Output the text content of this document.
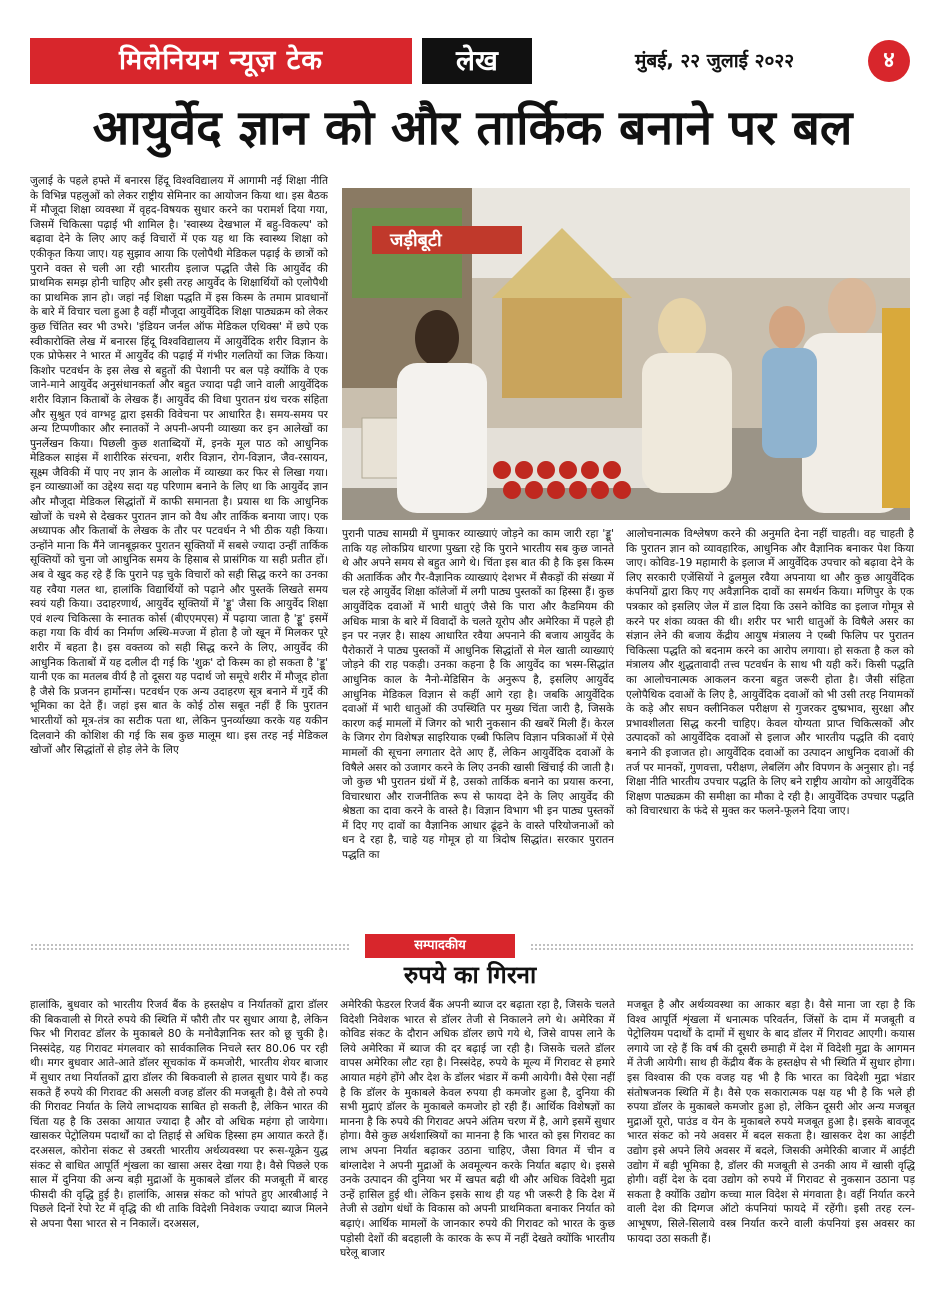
मिलेनियम न्यूज़ टेक	लेख	मुंबई, २२ जुलाई २०२२	४
आयुर्वेद ज्ञान को और तार्किक बनाने पर बल

जुलाई के पहले हफ्ते में बनारस हिंदू विश्वविद्यालय में आगामी नई शिक्षा नीति के विभिन्न पहलुओं को लेकर राष्ट्रीय सेमिनार का आयोजन किया था। इस बैठक में मौजूदा शिक्षा व्यवस्था में वृहद-विषयक सुधार करने का परामर्श दिया गया, जिसमें चिकित्सा पढ़ाई भी शामिल है। 'स्वास्थ्य देखभाल में बहु-विकल्प' को बढ़ावा देने के लिए आए कई विचारों में एक यह था कि स्वास्थ्य शिक्षा को एकीकृत किया जाए। यह सुझाव आया कि एलोपैथी मेडिकल पढ़ाई के छात्रों को पुराने वक्त से चली आ रही भारतीय इलाज पद्धति जैसे कि आयुर्वेद की प्राथमिक समझ होनी चाहिए और इसी तरह आयुर्वेद के शिक्षार्थियों को एलोपैथी का प्राथमिक ज्ञान हो। जहां नई शिक्षा पद्धति में इस किस्म के तमाम प्रावधानों के बारे में विचार चला हुआ है वहीं मौजूदा आयुर्वेदिक शिक्षा पाठ्यक्रम को लेकर कुछ चिंतित स्वर भी उभरे। 'इंडियन जर्नल ऑफ मेडिकल एथिक्स' में छपे एक स्वीकारोक्ति लेख में बनारस हिंदू विश्वविद्यालय में आयुर्वेदिक शरीर विज्ञान के एक प्रोफेसर ने भारत में आयुर्वेद की पढ़ाई में गंभीर गलतियों का जिक्र किया। किशोर पटवर्धन के इस लेख से बहुतों की पेशानी पर बल पड़े क्योंकि वे एक जाने-माने आयुर्वेद अनुसंधानकर्ता और बहुत ज्यादा पढ़ी जाने वाली आयुर्वेदिक शरीर विज्ञान किताबों के लेखक हैं। आयुर्वेद की विधा पुरातन ग्रंथ चरक संहिता और सुश्रुत एवं वाग्भट्ट द्वारा इसकी विवेचना पर आधारित है। समय-समय पर अन्य टिप्पणीकार और स्नातकों ने अपनी-अपनी व्याख्या कर इन आलेखों का पुनर्लेखन किया। पिछली कुछ शताब्दियों में, इनके मूल पाठ को आधुनिक मेडिकल साइंस में शारीरिक संरचना, शरीर विज्ञान, रोग-विज्ञान, जैव-रसायन, सूक्ष्म जैविकी में पाए नए ज्ञान के आलोक में व्याख्या कर फिर से लिखा गया। इन व्याख्याओं का उद्देश्य सदा यह परिणाम बनाने के लिए था कि आयुर्वेद ज्ञान और मौजूदा मेडिकल सिद्धांतों में काफी समानता है। प्रयास था कि आधुनिक खोजों के चश्मे से देखकर पुरातन ज्ञान को वैध और तार्किक बनाया जाए। एक अध्यापक और किताबों के लेखक के तौर पर पटवर्धन ने भी ठीक यही किया। उन्होंने माना कि मैंने जानबूझकर पुरातन सूक्तियों में सबसे ज्यादा उन्हीं तार्किक सूक्तियों को चुना जो आधुनिक समय के हिसाब से प्रासंगिक या सही प्रतीत हों। अब वे खुद कह रहे हैं कि पुराने पड़ चुके विचारों को सही सिद्ध करने का उनका यह रवैया गलत था, हालांकि विद्यार्थियों को पढ़ाने और पुस्तकें लिखते समय स्वयं यही किया। उदाहरणार्थ, आयुर्वेद सूक्तियों में 'ड्डू' जैसा कि आयुर्वेद शिक्षा एवं शल्य चिकित्सा के स्नातक कोर्स (बीएएमएस) में पढ़ाया जाता है 'ड्डू' इसमें कहा गया कि वीर्य का निर्माण अस्थि-मज्जा में होता है जो खून में मिलकर पूरे शरीर में बहता है। इस वक्तव्य को सही सिद्ध करने के लिए, आयुर्वेद की आधुनिक किताबों में यह दलील दी गई कि 'शुक्र' दो किस्म का हो सकता है 'ड्डू' यानी एक का मतलब वीर्य है तो दूसरा यह पदार्थ जो समूचे शरीर में मौजूद होता है जैसे कि प्रजनन हार्मोन्स। पटवर्धन एक अन्य उदाहरण सूत्र बनाने में गुर्दे की भूमिका का देते हैं। जहां इस बात के कोई ठोस सबूत नहीं हैं कि पुरातन भारतीयों को मूत्र-तंत्र का सटीक पता था, लेकिन पुनर्व्याख्या करके यह यकीन दिलवाने की कोशिश की गई कि सब कुछ मालूम था। इस तरह नई मेडिकल खोजों और सिद्धांतों से होड़ लेने के लिए

जड़ीबूटी

पुरानी पाठ्य सामग्री में घुमाकर व्याख्याएं जोड़ने का काम जारी रहा 'ड्डू' ताकि यह लोकप्रिय धारणा पुख्ता रहे कि पुराने भारतीय सब कुछ जानते थे और अपने समय से बहुत आगे थे। चिंता इस बात की है कि इस किस्म की अतार्किक और गैर-वैज्ञानिक व्याख्याएं देशभर में सैकड़ों की संख्या में चल रहे आयुर्वेद शिक्षा कॉलेजों में लगी पाठ्य पुस्तकों का हिस्सा हैं। कुछ आयुर्वेदिक दवाओं में भारी धातुएं जैसे कि पारा और कैडमियम की अधिक मात्रा के बारे में विवादों के चलते यूरोप और अमेरिका में पहले ही इन पर नज़र है। साक्ष्य आधारित रवैया अपनाने की बजाय आयुर्वेद के पैरोकारों ने पाठ्य पुस्तकों में आधुनिक सिद्धांतों से मेल खाती व्याख्याएं जोड़ने की राह पकड़ी। उनका कहना है कि आयुर्वेद का भस्म-सिद्धांत आधुनिक काल के नैनो-मेडिसिन के अनुरूप है, इसलिए आयुर्वेद आधुनिक मेडिकल विज्ञान से कहीं आगे रहा है। जबकि आयुर्वेदिक दवाओं में भारी धातुओं की उपस्थिति पर मुख्य चिंता जारी है, जिसके कारण कई मामलों में जिगर को भारी नुकसान की खबरें मिली हैं। केरल के जिगर रोग विशेषज्ञ साइरियाक एब्बी फिलिप विज्ञान पत्रिकाओं में ऐसे मामलों की सूचना लगातार देते आए हैं, लेकिन आयुर्वेदिक दवाओं के विषैले असर को उजागर करने के लिए उनकी खासी खिंचाई की जाती है। जो कुछ भी पुरातन ग्रंथों में है, उसको तार्किक बनाने का प्रयास करना, विचारधारा और राजनीतिक रूप से फायदा देने के लिए आयुर्वेद की श्रेष्ठता का दावा करने के वास्ते है। विज्ञान विभाग भी इन पाठ्य पुस्तकों में दिए गए दावों का वैज्ञानिक आधार ढूंढ़ने के वास्ते परियोजनाओं को धन दे रहा है, चाहे यह गोमूत्र हो या त्रिदोष सिद्धांत। सरकार पुरातन पद्धति का

आलोचनात्मक विश्लेषण करने की अनुमति देना नहीं चाहती। वह चाहती है कि पुरातन ज्ञान को व्यावहारिक, आधुनिक और वैज्ञानिक बनाकर पेश किया जाए। कोविड-19 महामारी के इलाज में आयुर्वेदिक उपचार को बढ़ावा देने के लिए सरकारी एजेंसियों ने ढुलमुल रवैया अपनाया था और कुछ आयुर्वेदिक कंपनियों द्वारा किए गए अवैज्ञानिक दावों का समर्थन किया। मणिपुर के एक पत्रकार को इसलिए जेल में डाल दिया कि उसने कोविड का इलाज गोमूत्र से करने पर शंका व्यक्त की थी। शरीर पर भारी धातुओं के विषैले असर का संज्ञान लेने की बजाय केंद्रीय आयुष मंत्रालय ने एब्बी फिलिप पर पुरातन चिकित्सा पद्धति को बदनाम करने का आरोप लगाया। हो सकता है कल को मंत्रालय और शुद्धतावादी तत्त्व पटवर्धन के साथ भी यही करें। किसी पद्धति का आलोचनात्मक आकलन करना बहुत जरूरी होता है। जैसी संहिता एलोपैथिक दवाओं के लिए है, आयुर्वेदिक दवाओं को भी उसी तरह नियामकों के कड़े और सघन क्लीनिकल परीक्षण से गुजरकर दुष्प्रभाव, सुरक्षा और प्रभावशीलता सिद्ध करनी चाहिए। केवल योग्यता प्राप्त चिकित्सकों और उत्पादकों को आयुर्वेदिक दवाओं से इलाज और भारतीय पद्धति की दवाएं बनाने की इजाजत हो। आयुर्वेदिक दवाओं का उत्पादन आधुनिक दवाओं की तर्ज पर मानकों, गुणवत्ता, परीक्षण, लेबलिंग और विपणन के अनुसार हो। नई शिक्षा नीति भारतीय उपचार पद्धति के लिए बने राष्ट्रीय आयोग को आयुर्वेदिक शिक्षण पाठ्यक्रम की समीक्षा का मौका दे रही है। आयुर्वेदिक उपचार पद्धति को विचारधारा के फंदे से मुक्त कर फलने-फूलने दिया जाए।

सम्पादकीय
रुपये का गिरना

हालांकि, बुधवार को भारतीय रिजर्व बैंक के हस्तक्षेप व निर्यातकों द्वारा डॉलर की बिकवाली से गिरते रुपये की स्थिति में फौरी तौर पर सुधार आया है, लेकिन फिर भी गिरावट डॉलर के मुकाबले 80 के मनोवैज्ञानिक स्तर को छू चुकी है। निस्संदेह, यह गिरावट मंगलवार को सार्वकालिक निचले स्तर 80.06 पर रही थी। मगर बुधवार आते-आते डॉलर सूचकांक में कमजोरी, भारतीय शेयर बाजार में सुधार तथा निर्यातकों द्वारा डॉलर की बिकवाली से हालत सुधार पाये हैं। कह सकते हैं रुपये की गिरावट की असली वजह डॉलर की मजबूती है। वैसे तो रुपये की गिरावट निर्यात के लिये लाभदायक साबित हो सकती है, लेकिन भारत की चिंता यह है कि उसका आयात ज्यादा है और वो अधिक महंगा हो जायेगा। खासकर पेट्रोलियम पदार्थों का दो तिहाई से अधिक हिस्सा हम आयात करते हैं। दरअसल, कोरोना संकट से उबरती भारतीय अर्थव्यवस्था पर रूस-यूक्रेन युद्ध संकट से बाधित आपूर्ति शृंखला का खासा असर देखा गया है। वैसे पिछले एक साल में दुनिया की अन्य बड़ी मुद्राओं के मुकाबले डॉलर की मजबूती में बारह फीसदी की वृद्धि हुई है। हालांकि, आसन्न संकट को भांपते हुए आरबीआई ने पिछले दिनों रेपो रेट में वृद्धि की थी ताकि विदेशी निवेशक ज्यादा ब्याज मिलने से अपना पैसा भारत से न निकालें। दरअसल,

अमेरिकी फेडरल रिजर्व बैंक अपनी ब्याज दर बढ़ाता रहा है, जिसके चलते विदेशी निवेशक भारत से डॉलर तेजी से निकालने लगे थे। अमेरिका में कोविड संकट के दौरान अधिक डॉलर छापे गये थे, जिसे वापस लाने के लिये अमेरिका में ब्याज की दर बढ़ाई जा रही है। जिसके चलते डॉलर वापस अमेरिका लौट रहा है। निस्संदेह, रुपये के मूल्य में गिरावट से हमारे आयात महंगे होंगे और देश के डॉलर भंडार में कमी आयेगी। वैसे ऐसा नहीं है कि डॉलर के मुकाबले केवल रुपया ही कमजोर हुआ है, दुनिया की सभी मुद्राएं डॉलर के मुकाबले कमजोर हो रही हैं। आर्थिक विशेषज्ञों का मानना है कि रुपये की गिरावट अपने अंतिम चरण में है, आगे इसमें सुधार होगा। वैसे कुछ अर्थशास्त्रियों का मानना है कि भारत को इस गिरावट का लाभ अपना निर्यात बढ़ाकर उठाना चाहिए, जैसा विगत में चीन व बांग्लादेश ने अपनी मुद्राओं के अवमूल्यन करके निर्यात बढ़ाए थे। इससे उनके उत्पादन की दुनिया भर में खपत बढ़ी थी और अधिक विदेशी मुद्रा उन्हें हासिल हुई थी। लेकिन इसके साथ ही यह भी जरूरी है कि देश में तेजी से उद्योग धंधों के विकास को अपनी प्राथमिकता बनाकर निर्यात को बढ़ाएं। आर्थिक मामलों के जानकार रुपये की गिरावट को भारत के कुछ पड़ोसी देशों की बदहाली के कारक के रूप में नहीं देखते क्योंकि भारतीय घरेलू बाजार

मजबूत है और अर्थव्यवस्था का आकार बड़ा है। वैसे माना जा रहा है कि विश्व आपूर्ति शृंखला में धनात्मक परिवर्तन, जिंसों के दाम में मजबूती व पेट्रोलियम पदार्थों के दामों में सुधार के बाद डॉलर में गिरावट आएगी। कयास लगाये जा रहे हैं कि वर्ष की दूसरी छमाही में देश में विदेशी मुद्रा के आगमन में तेजी आयेगी। साथ ही केंद्रीय बैंक के हस्तक्षेप से भी स्थिति में सुधार होगा। इस विश्वास की एक वजह यह भी है कि भारत का विदेशी मुद्रा भंडार संतोषजनक स्थिति में है। वैसे एक सकारात्मक पक्ष यह भी है कि भले ही रुपया डॉलर के मुकाबले कमजोर हुआ हो, लेकिन दूसरी ओर अन्य मजबूत मुद्राओं यूरो, पाउंड व येन के मुकाबले रुपये मजबूत हुआ है। इसके बावजूद भारत संकट को नये अवसर में बदल सकता है। खासकर देश का आईटी उद्योग इसे अपने लिये अवसर में बदले, जिसकी अमेरिकी बाजार में आईटी उद्योग में बड़ी भूमिका है, डॉलर की मजबूती से उनकी आय में खासी वृद्धि होगी। वहीं देश के दवा उद्योग को रुपये में गिरावट से नुकसान उठाना पड़ सकता है क्योंकि उद्योग कच्चा माल विदेश से मंगवाता है। वहीं निर्यात करने वाली देश की दिग्गज ऑटो कंपनियां फायदे में रहेंगी। इसी तरह रत्न-आभूषण, सिले-सिलाये वस्त्र निर्यात करने वाली कंपनियां इस अवसर का फायदा उठा सकती हैं।
